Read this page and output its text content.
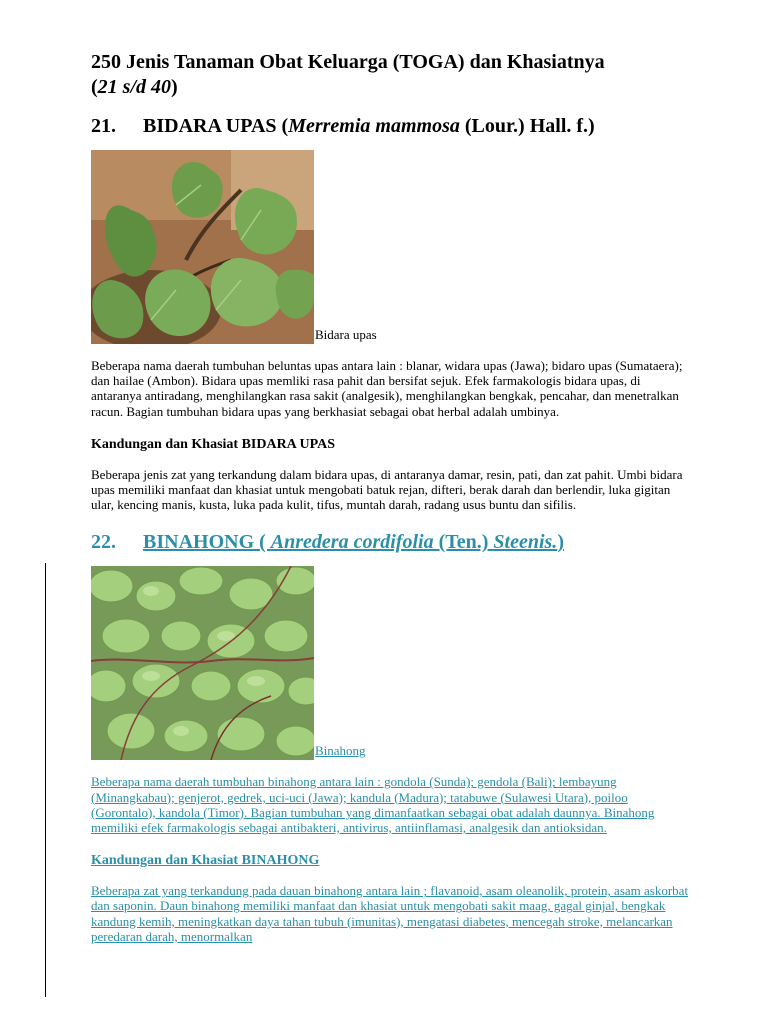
250 Jenis Tanaman Obat Keluarga (TOGA) dan Khasiatnya
(21 s/d 40)
21. BIDARA UPAS (Merremia mammosa (Lour.) Hall. f.)
Bidara upas

Beberapa nama daerah tumbuhan beluntas upas antara lain : blanar, widara upas (Jawa); bidaro upas (Sumataera); dan hailae (Ambon). Bidara upas memliki rasa pahit dan bersifat sejuk. Efek farmakologis bidara upas, di antaranya antiradang, menghilangkan rasa sakit (analgesik), menghilangkan bengkak, pencahar, dan menetralkan racun. Bagian tumbuhan bidara upas yang berkhasiat sebagai obat herbal adalah umbinya.

Kandungan dan Khasiat BIDARA UPAS

Beberapa jenis zat yang terkandung dalam bidara upas, di antaranya damar, resin, pati, dan zat pahit. Umbi bidara upas memiliki manfaat dan khasiat untuk mengobati batuk rejan, difteri, berak darah dan berlendir, luka gigitan ular, kencing manis, kusta, luka pada kulit, tifus, muntah darah, radang usus buntu dan sifilis.

22. BINAHONG ( Anredera cordifolia (Ten.) Steenis.)
Binahong

Beberapa nama daerah tumbuhan binahong antara lain : gondola (Sunda); gendola (Bali); lembayung (Minangkabau); genjerot, gedrek, uci-uci (Jawa); kandula (Madura); tatabuwe (Sulawesi Utara), poiloo (Gorontalo), kandola (Timor). Bagian tumbuhan yang dimanfaatkan sebagai obat adalah daunnya. Binahong memiliki efek farmakologis sebagai antibakteri, antivirus, antiinflamasi, analgesik dan antioksidan.

Kandungan dan Khasiat BINAHONG

Beberapa zat yang terkandung pada dauan binahong antara lain ; flavanoid, asam oleanolik, protein, asam askorbat dan saponin. Daun binahong memiliki manfaat dan khasiat untuk mengobati sakit maag, gagal ginjal, bengkak kandung kemih, meningkatkan daya tahan tubuh (imunitas), mengatasi diabetes, mencegah stroke, melancarkan peredaran darah, menormalkan
